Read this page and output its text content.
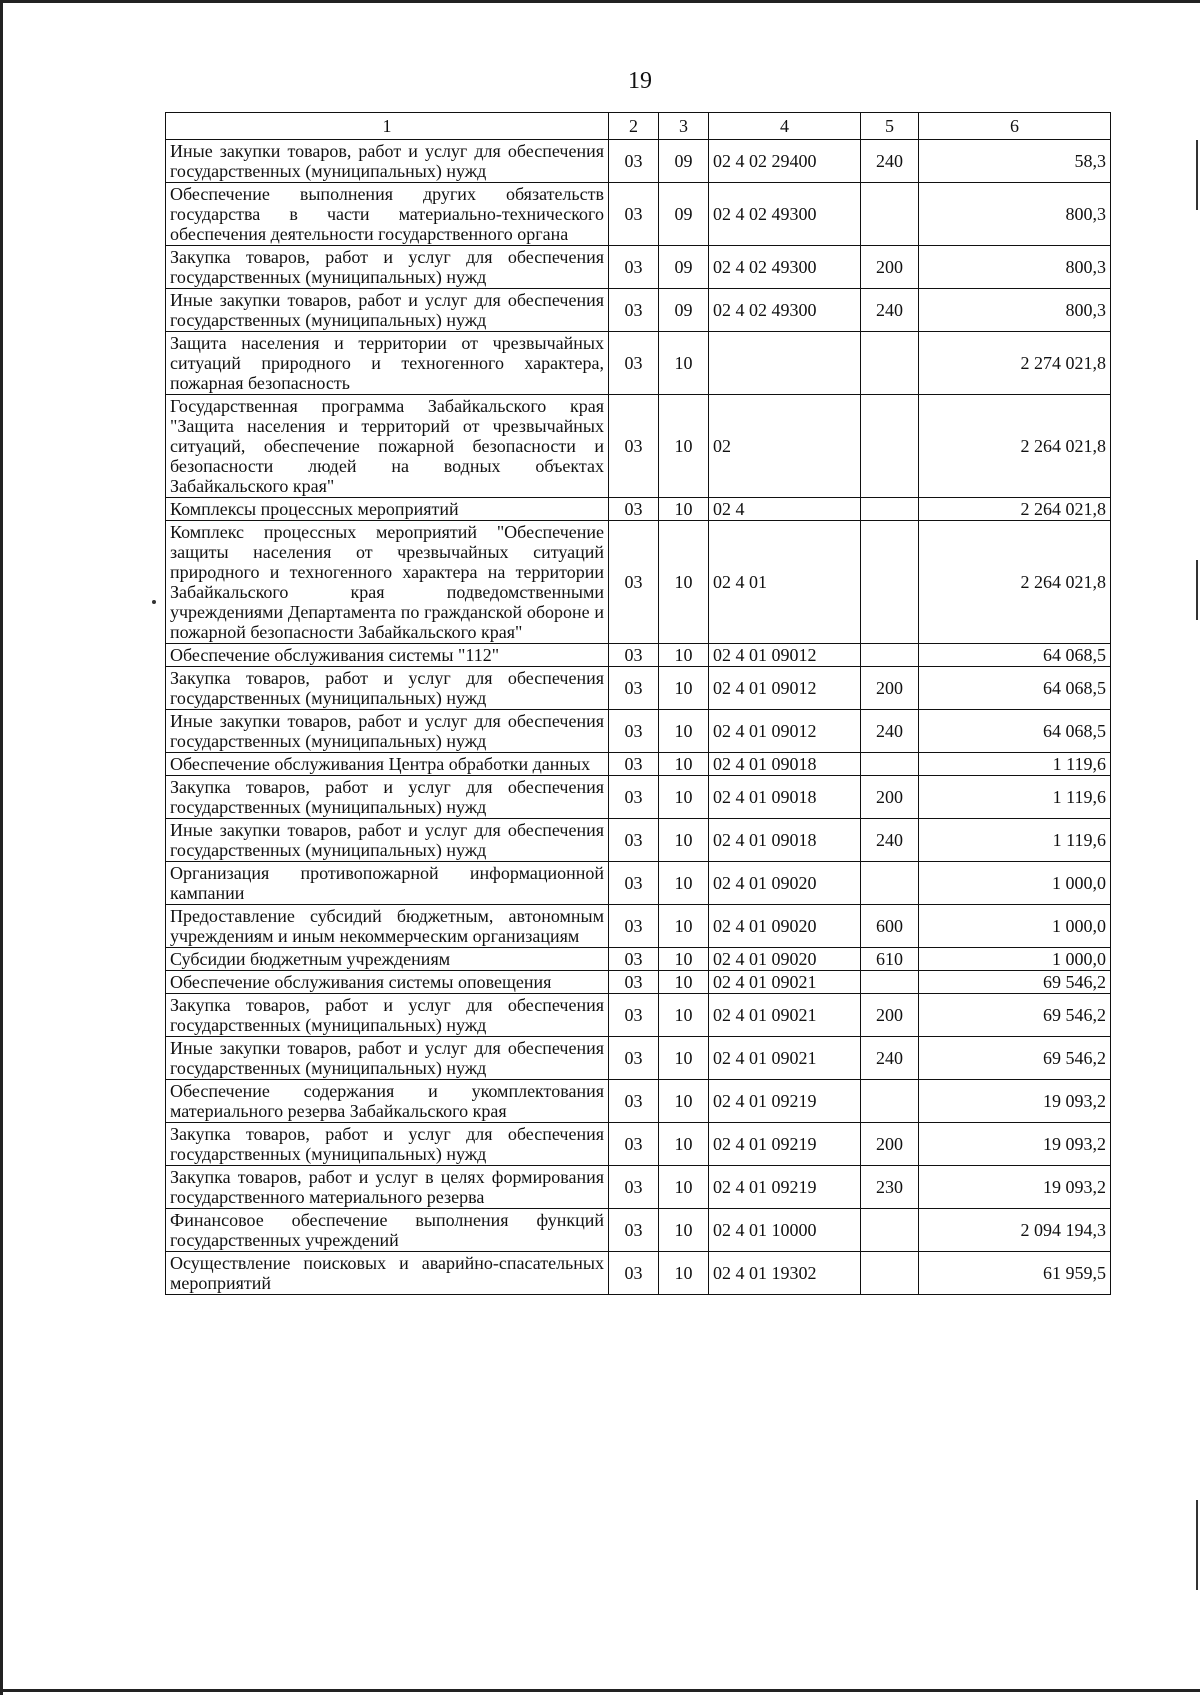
19
1	2	3	4	5	6
Иные закупки товаров, работ и услуг для обеспечения государственных (муниципальных) нужд	03	09	02 4 02 29400	240	58,3
Обеспечение выполнения других обязательств государства в части материально-технического обеспечения деятельности государственного органа	03	09	02 4 02 49300		800,3
Закупка товаров, работ и услуг для обеспечения государственных (муниципальных) нужд	03	09	02 4 02 49300	200	800,3
Иные закупки товаров, работ и услуг для обеспечения государственных (муниципальных) нужд	03	09	02 4 02 49300	240	800,3
Защита населения и территории от чрезвычайных ситуаций природного и техногенного характера, пожарная безопасность	03	10			2 274 021,8
Государственная программа Забайкальского края "Защита населения и территорий от чрезвычайных ситуаций, обеспечение пожарной безопасности и безопасности людей на водных объектах Забайкальского края"	03	10	02		2 264 021,8
Комплексы процессных мероприятий	03	10	02 4		2 264 021,8
Комплекс процессных мероприятий "Обеспечение защиты населения от чрезвычайных ситуаций природного и техногенного характера на территории Забайкальского края подведомственными учреждениями Департамента по гражданской обороне и пожарной безопасности Забайкальского края"	03	10	02 4 01		2 264 021,8
Обеспечение обслуживания системы "112"	03	10	02 4 01 09012		64 068,5
Закупка товаров, работ и услуг для обеспечения государственных (муниципальных) нужд	03	10	02 4 01 09012	200	64 068,5
Иные закупки товаров, работ и услуг для обеспечения государственных (муниципальных) нужд	03	10	02 4 01 09012	240	64 068,5
Обеспечение обслуживания Центра обработки данных	03	10	02 4 01 09018		1 119,6
Закупка товаров, работ и услуг для обеспечения государственных (муниципальных) нужд	03	10	02 4 01 09018	200	1 119,6
Иные закупки товаров, работ и услуг для обеспечения государственных (муниципальных) нужд	03	10	02 4 01 09018	240	1 119,6
Организация противопожарной информационной кампании	03	10	02 4 01 09020		1 000,0
Предоставление субсидий бюджетным, автономным учреждениям и иным некоммерческим организациям	03	10	02 4 01 09020	600	1 000,0
Субсидии бюджетным учреждениям	03	10	02 4 01 09020	610	1 000,0
Обеспечение обслуживания системы оповещения	03	10	02 4 01 09021		69 546,2
Закупка товаров, работ и услуг для обеспечения государственных (муниципальных) нужд	03	10	02 4 01 09021	200	69 546,2
Иные закупки товаров, работ и услуг для обеспечения государственных (муниципальных) нужд	03	10	02 4 01 09021	240	69 546,2
Обеспечение содержания и укомплектования материального резерва Забайкальского края	03	10	02 4 01 09219		19 093,2
Закупка товаров, работ и услуг для обеспечения государственных (муниципальных) нужд	03	10	02 4 01 09219	200	19 093,2
Закупка товаров, работ и услуг в целях формирования государственного материального резерва	03	10	02 4 01 09219	230	19 093,2
Финансовое обеспечение выполнения функций государственных учреждений	03	10	02 4 01 10000		2 094 194,3
Осуществление поисковых и аварийно-спасательных мероприятий	03	10	02 4 01 19302		61 959,5
